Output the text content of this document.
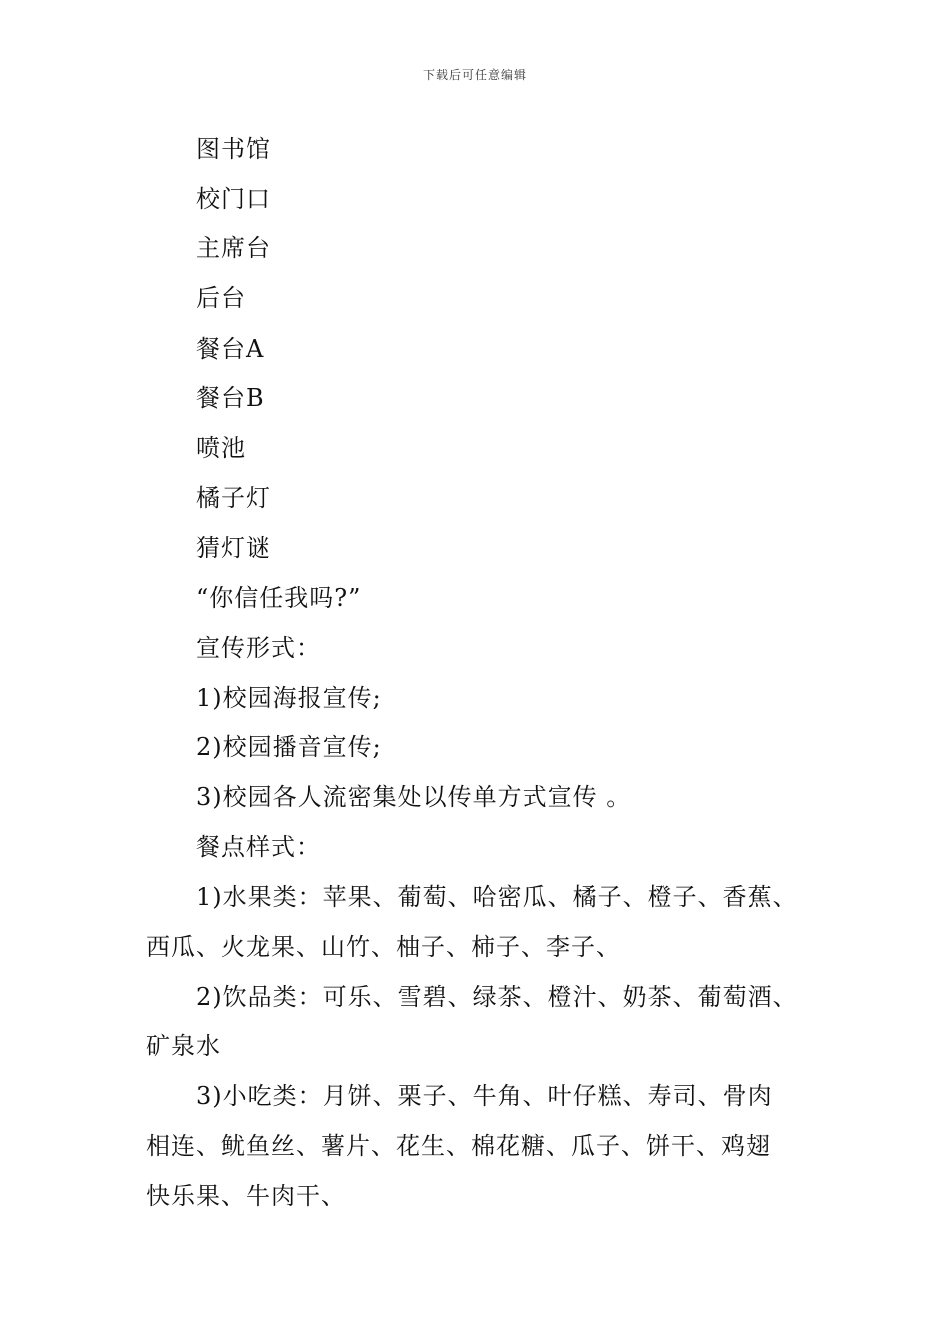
下载后可任意编辑
图书馆
校门口
主席台
后台
餐台A
餐台B
喷池
橘子灯
猜灯谜
“你信任我吗?”
宣传形式：
1)校园海报宣传;
2)校园播音宣传;
3)校园各人流密集处以传单方式宣传 。
餐点样式：
1)水果类：苹果、葡萄、哈密瓜、橘子、橙子、香蕉、
西瓜、火龙果、山竹、柚子、柿子、李子、
2)饮品类：可乐、雪碧、绿茶、橙汁、奶茶、葡萄酒、
矿泉水
3)小吃类：月饼、栗子、牛角、叶仔糕、寿司、骨肉
相连、鱿鱼丝、薯片、花生、棉花糖、瓜子、饼干、鸡翅
快乐果、牛肉干、
